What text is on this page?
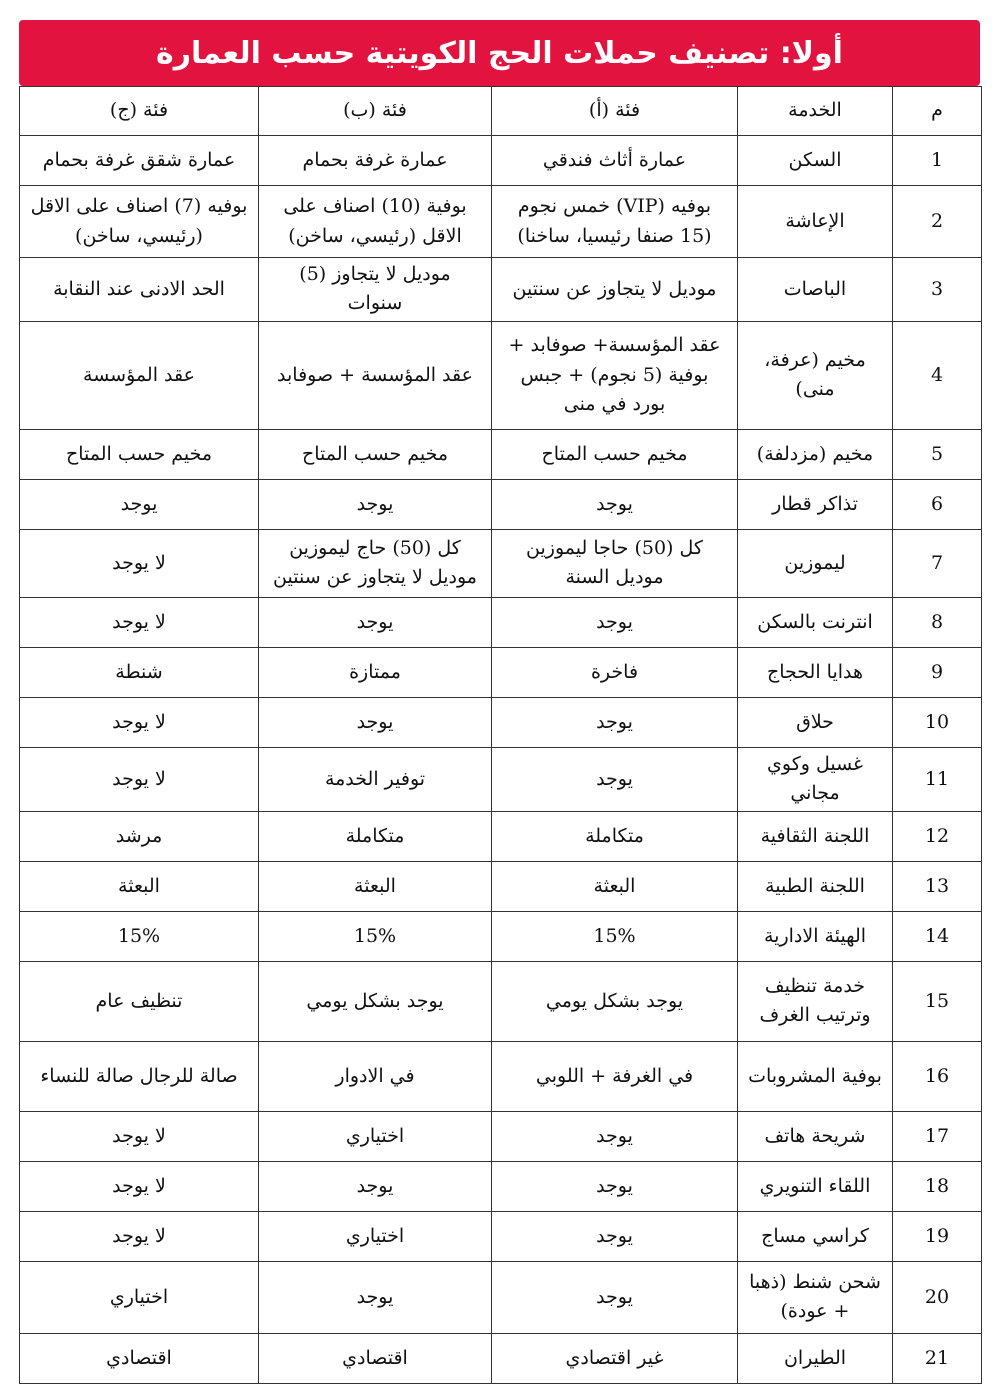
أولا: تصنيف حملات الحج الكويتية حسب العمارة
م	الخدمة	فئة (أ)	فئة (ب)	فئة (ج)
1	السكن	عمارة أثاث فندقي	عمارة غرفة بحمام	عمارة شقق غرفة بحمام
2	الإعاشة	بوفيه (VIP) خمس نجوم (15 صنفا رئيسيا، ساخنا)	بوفية (10) اصناف على الاقل (رئيسي، ساخن)	بوفيه (7) اصناف على الاقل (رئيسي، ساخن)
3	الباصات	موديل لا يتجاوز عن سنتين	موديل لا يتجاوز (5) سنوات	الحد الادنى عند النقابة
4	مخيم (عرفة، منى)	عقد المؤسسة+ صوفابد + بوفية (5 نجوم) + جبس بورد في منى	عقد المؤسسة + صوفابد	عقد المؤسسة
5	مخيم (مزدلفة)	مخيم حسب المتاح	مخيم حسب المتاح	مخيم حسب المتاح
6	تذاكر قطار	يوجد	يوجد	يوجد
7	ليموزين	كل (50) حاجا ليموزين موديل السنة	كل (50) حاج ليموزين موديل لا يتجاوز عن سنتين	لا يوجد
8	انترنت بالسكن	يوجد	يوجد	لا يوجد
9	هدايا الحجاج	فاخرة	ممتازة	شنطة
10	حلاق	يوجد	يوجد	لا يوجد
11	غسيل وكوي مجاني	يوجد	توفير الخدمة	لا يوجد
12	اللجنة الثقافية	متكاملة	متكاملة	مرشد
13	اللجنة الطبية	البعثة	البعثة	البعثة
14	الهيئة الادارية	15%	15%	15%
15	خدمة تنظيف وترتيب الغرف	يوجد بشكل يومي	يوجد بشكل يومي	تنظيف عام
16	بوفية المشروبات	في الغرفة + اللوبي	في الادوار	صالة للرجال صالة للنساء
17	شريحة هاتف	يوجد	اختياري	لا يوجد
18	اللقاء التنويري	يوجد	يوجد	لا يوجد
19	كراسي مساج	يوجد	اختياري	لا يوجد
20	شحن شنط (ذهبا + عودة)	يوجد	يوجد	اختياري
21	الطيران	غير اقتصادي	اقتصادي	اقتصادي
